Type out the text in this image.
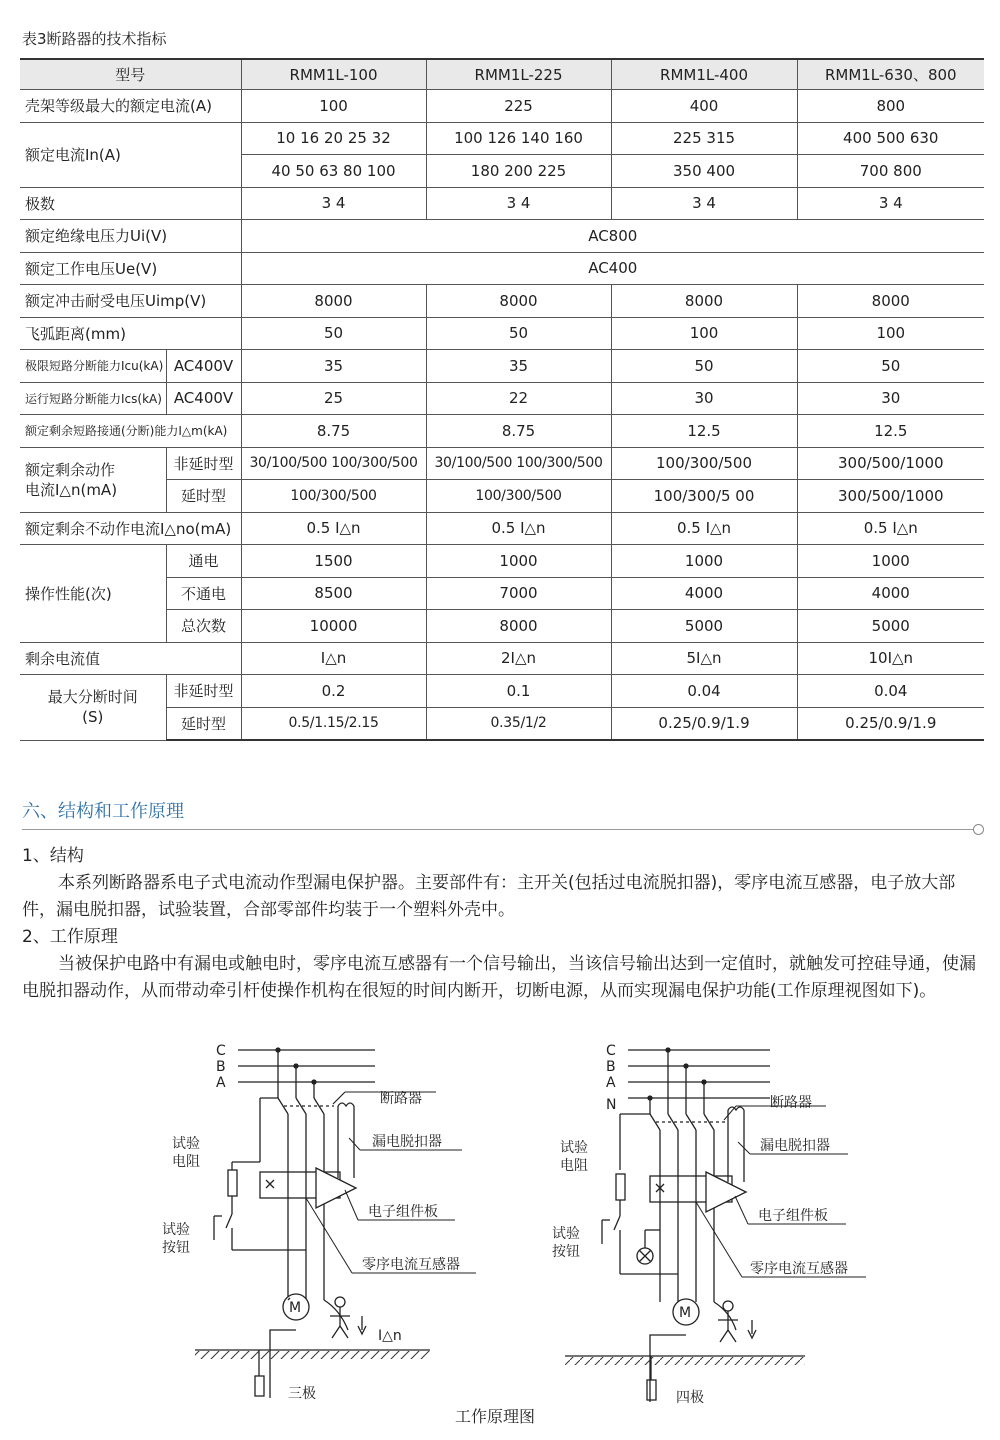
表3断路器的技术指标
型号		RMM1L-100	RMM1L-225	RMM1L-400	RMM1L-630、800
壳架等级最大的额定电流(A)		100	225	400	800
额定电流In(A)		10 16 20 25 32	100 126 140 160	225 315	400 500 630
		40 50 63 80 100	180 200 225	350 400	700 800
极数		3 4	3 4	3 4	3 4
额定绝缘电压力Ui(V)		AC800			
额定工作电压Ue(V)		AC400			
额定冲击耐受电压Uimp(V)		8000	8000	8000	8000
飞弧距离(mm)		50	50	100	100
极限短路分断能力Icu(kA)	AC400V	35	35	50	50
运行短路分断能力Ics(kA)	AC400V	25	22	30	30
额定剩余短路接通(分断)能力I△m(kA)		8.75	8.75	12.5	12.5
额定剩余动作
电流I△n(mA)	非延时型	30/100/500 100/300/500	30/100/500 100/300/500	100/300/500	300/500/1000
	延时型	100/300/500	100/300/500	100/300/5 00	300/500/1000
额定剩余不动作电流I△no(mA)		0.5 I△n	0.5 I△n	0.5 I△n	0.5 I△n
操作性能(次)	通电	1500	1000	1000	1000
	不通电	8500	7000	4000	4000
	总次数	10000	8000	5000	5000
剩余电流值		I△n	2I△n	5I△n	10I△n
最大分断时间
(S)	非延时型	0.2	0.1	0.04	0.04
	延时型	0.5/1.15/2.15	0.35/1/2	0.25/0.9/1.9	0.25/0.9/1.9
六、结构和工作原理
1、结构
本系列断路器系电子式电流动作型漏电保护器。主要部件有：主开关(包括过电流脱扣器)，零序电流互感器，电子放大部件，漏电脱扣器，试验装置，合部零部件均装于一个塑料外壳中。
2、工作原理
当被保护电路中有漏电或触电时，零序电流互感器有一个信号输出，当该信号输出达到一定值时，就触发可控硅导通，使漏电脱扣器动作，从而带动牵引杆使操作机构在很短的时间内断开，切断电源，从而实现漏电保护功能(工作原理视图如下)。
C
B
A
断路器
漏电脱扣器
试验
电阻
试验
按钮
电子组件板
零序电流互感器
M
I△n
三极
C
B
A
N	断路器
漏电脱扣器
试验
电阻
试验
按钮
电子组件板
零序电流互感器
M
四极
工作原理图
